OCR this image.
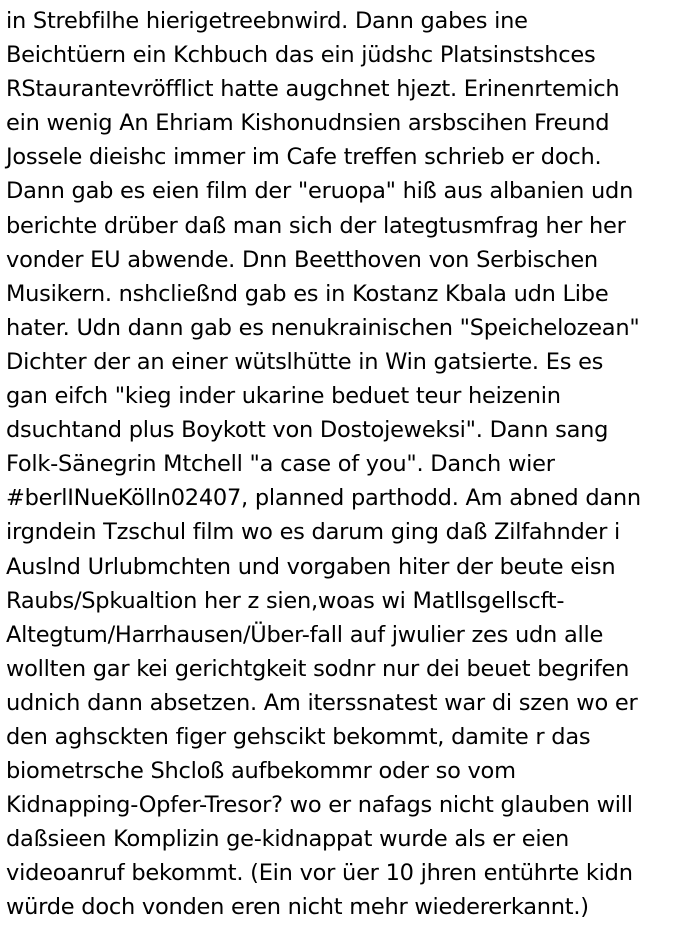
in Strebfilhe hierigetreebnwird. Dann gabes ine
Beichtüern ein Kchbuch das ein jüdshc Platsinstshces
RStaurantevröfflict hatte augchnet hjezt. Erinenrtemich
ein wenig An Ehriam Kishonudnsien arsbscihen Freund
Josselе dieishc immer im Cafe treffen schrieb er doch.
Dann gab es eien film der "eruopa" hiß aus albanien udn
berichte drüber daß man sich der lategtusmfrag her her
vonder EU abwende. Dnn Beetthoven von Serbischen
Musikern. nshcließnd gab es in Kostanz Kbala udn Libe
hater. Udn dann gab es nenukrainischen "Speichelozean"
Dichter der an einer wütslhütte in Win gatsierte. Es es
gan eifch "kieg inder ukarine beduet teur heizenin
dsuchtand plus Boykott von Dostojeweksi". Dann sang
Folk-Sänegrin Mtchell "a case of you". Danch wier
#berlINueKölln02407, planned parthodd. Am abned dann
irgndein Tzschul film wo es darum ging daß Zilfahnder i
Auslnd Urlubmchten und vorgaben hiter der beute eisn
Raubs/Spkualtion her z sien,woas wi Matllsgellscft-
Altegtum/Harrhausen/Über-fall auf jwulier zes udn alle
wollten gar kei gerichtgkeit sodnr nur dei beuet begrifen
udnich dann absetzen. Am iterssnatest war di szen wo er
den aghsckten figer gehscikt bekommt, damite r das
biometrsche Shcloß aufbekommr oder so vom
Kidnapping-Opfer-Tresor? wo er nafags nicht glauben will
daßsieen Komplizin ge-kidnappat wurde als er eien
videoanruf bekommt. (Ein vor üer 10 jhren entührte kidn
würde doch vonden eren nicht mehr wiedererkannt.)
